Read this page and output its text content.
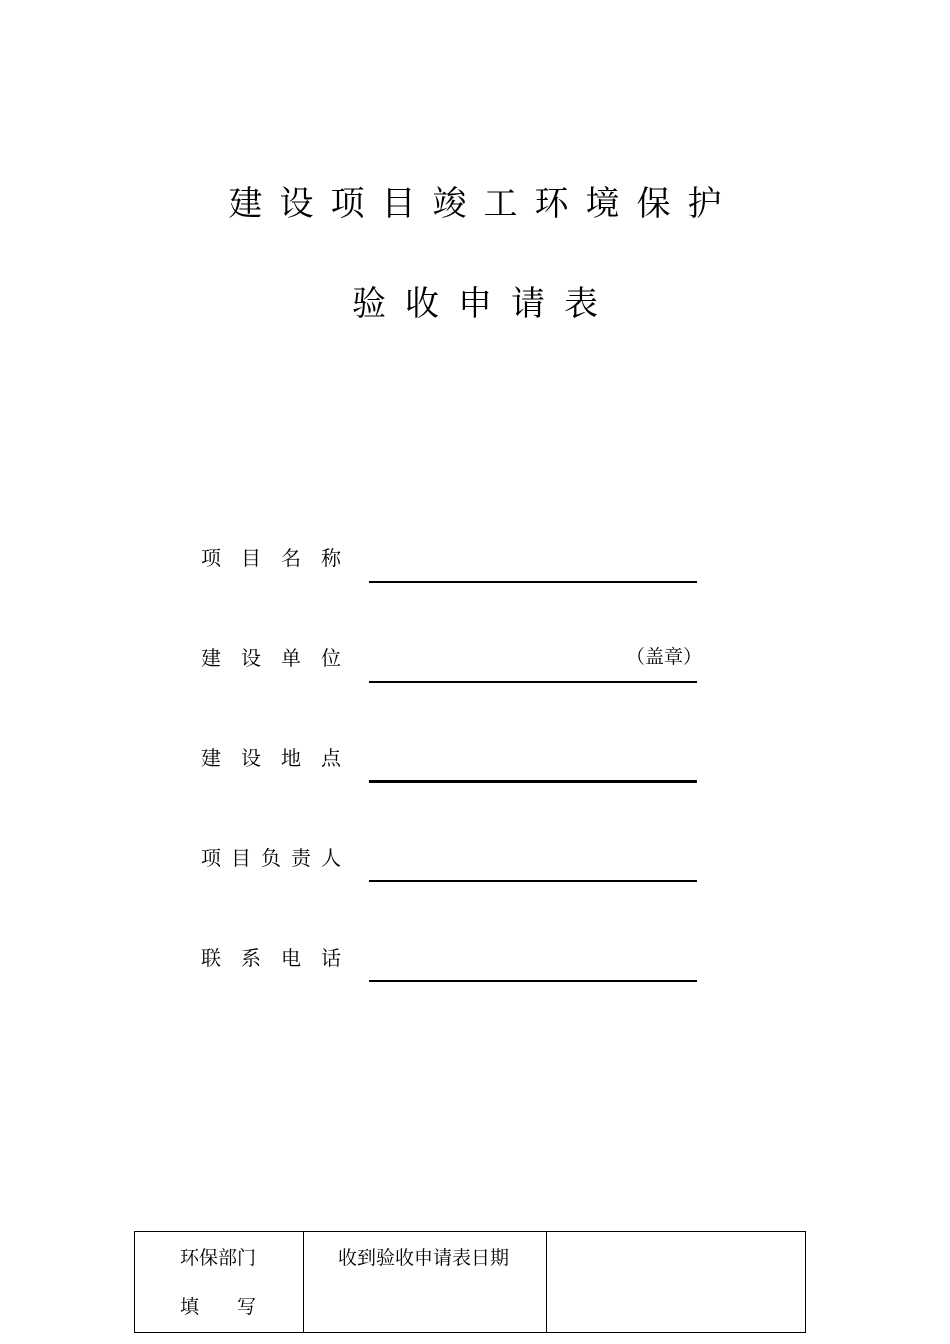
建设项目竣工环境保护
验收申请表
项 目 名 称
建 设 单 位	（盖章）
建 设 地 点
项 目 负 责 人
联 系 电 话
环保部门
填　　写
收到验收申请表日期
